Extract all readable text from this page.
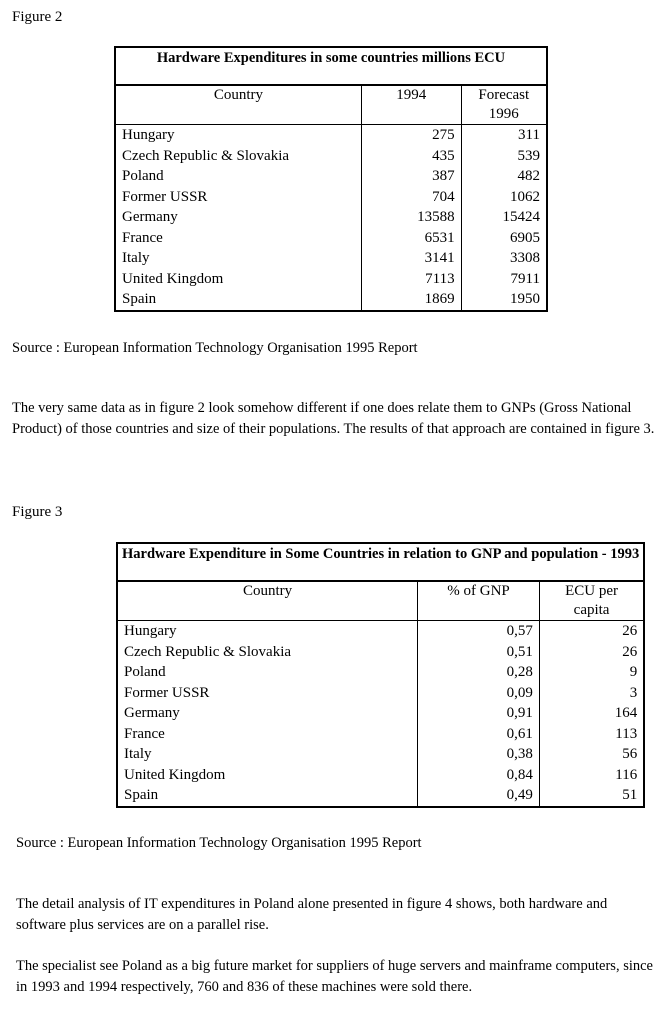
Figure 2
Hardware Expenditures in some countries millions ECU		
Country	1994	Forecast 1996
Hungary	275	311
Czech Republic & Slovakia	435	539
Poland	387	482
Former USSR	704	1062
Germany	13588	15424
France	6531	6905
Italy	3141	3308
United Kingdom	7113	7911
Spain	1869	1950
Source : European Information Technology Organisation 1995 Report
The very same data as in figure 2 look somehow different if one does relate them to GNPs (Gross National Product) of those countries and size of their populations. The results of that approach are contained in figure 3.
Figure 3
Hardware Expenditure in Some Countries in relation to GNP and population - 1993		
Country	% of GNP	ECU per capita
Hungary	0,57	26
Czech Republic & Slovakia	0,51	26
Poland	0,28	9
Former USSR	0,09	3
Germany	0,91	164
France	0,61	113
Italy	0,38	56
United Kingdom	0,84	116
Spain	0,49	51
Source : European Information Technology Organisation 1995 Report
The detail analysis of IT expenditures in Poland alone presented in figure 4 shows, both hardware and software plus services are on a parallel rise.
The specialist see Poland as a big future market for suppliers of huge servers and mainframe computers, since in 1993 and 1994 respectively, 760 and 836 of these machines were sold there.
